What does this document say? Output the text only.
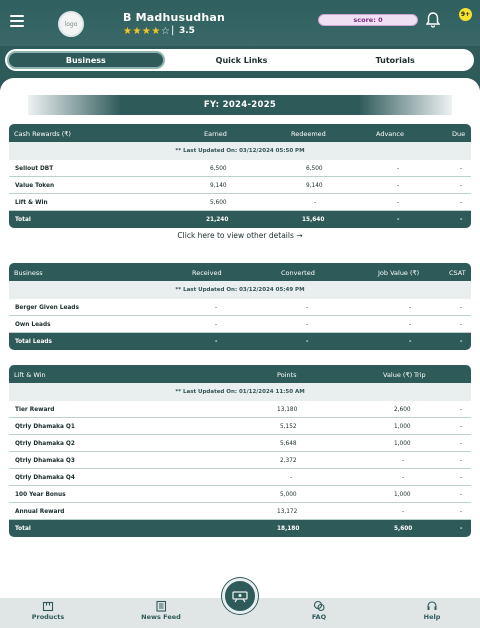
logo	B Madhusudhan
★★★★☆ | 3.5
score: 0
9+
Business	Quick Links	Tutorials
FY: 2024-2025
Cash Rewards (₹)	Earned	Redeemed	Advance	Due
** Last Updated On: 03/12/2024 05:50 PM
Sellout DBT	6,500	6,500	-	-
Value Token	9,140	9,140	-	-
Lift & Win	5,600	-	-	-
Total	21,240	15,640	-	-
Click here to view other details →
Business	Received	Converted	Job Value (₹)	CSAT
** Last Updated On: 03/12/2024 05:49 PM
Berger Given Leads	-	-	-	-
Own Leads	-	-	-	-
Total Leads	-	-	-	-
Lift & Win	Points	Value (₹) Trip
** Last Updated On: 01/12/2024 11:50 AM
Tier Reward	13,180	2,600	-
Qtrly Dhamaka Q1	5,152	1,000	-
Qtrly Dhamaka Q2	5,648	1,000	-
Qtrly Dhamaka Q3	2,372	-	-
Qtrly Dhamaka Q4	-	-	-
100 Year Bonus	5,000	1,000	-
Annual Reward	13,172	-	-
Total	18,180	5,600	-
Products	News Feed	FAQ	Help
